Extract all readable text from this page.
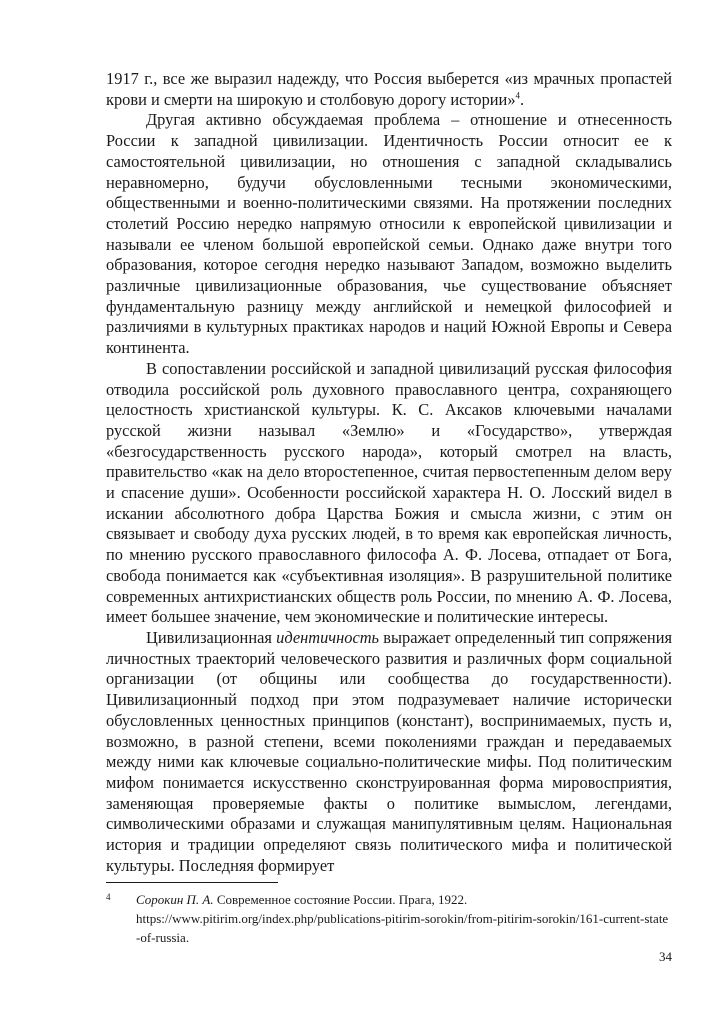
1917 г., все же выразил надежду, что Россия выберется «из мрачных пропастей крови и смерти на широкую и столбовую дорогу истории»$^4$.

Другая активно обсуждаемая проблема – отношение и отнесенность России к западной цивилизации. Идентичность России относит ее к самостоятельной цивилизации, но отношения с западной складывались неравномерно, будучи обусловленными тесными экономическими, общественными и военно-политическими связями. На протяжении последних столетий Россию нередко напрямую относили к европейской цивилизации и называли ее членом большой европейской семьи. Однако даже внутри того образования, которое сегодня нередко называют Западом, возможно выделить различные цивилизационные образования, чье существование объясняет фундаментальную разницу между английской и немецкой философией и различиями в культурных практиках народов и наций Южной Европы и Севера континента.

В сопоставлении российской и западной цивилизаций русская философия отводила российской роль духовного православного центра, сохраняющего целостность христианской культуры. К. С. Аксаков ключевыми началами русской жизни называл «Землю» и «Государство», утверждая «безгосударственность русского народа», который смотрел на власть, правительство «как на дело второстепенное, считая первостепенным делом веру и спасение души». Особенности российской характера Н. О. Лосский видел в искании абсолютного добра Царства Божия и смысла жизни, с этим он связывает и свободу духа русских людей, в то время как европейская личность, по мнению русского православного философа А. Ф. Лосева, отпадает от Бога, свобода понимается как «субъективная изоляция». В разрушительной политике современных антихристианских обществ роль России, по мнению А. Ф. Лосева, имеет большее значение, чем экономические и политические интересы.

Цивилизационная идентичность выражает определенный тип сопряжения личностных траекторий человеческого развития и различных форм социальной организации (от общины или сообщества до государственности). Цивилизационный подход при этом подразумевает наличие исторически обусловленных ценностных принципов (констант), воспринимаемых, пусть и, возможно, в разной степени, всеми поколениями граждан и передаваемых между ними как ключевые социально-политические мифы. Под политическим мифом понимается искусственно сконструированная форма мировосприятия, заменяющая проверяемые факты о политике вымыслом, легендами, символическими образами и служащая манипулятивным целям. Национальная история и традиции определяют связь политического мифа и политической культуры. Последняя формирует

4 Сорокин П. А. Современное состояние России. Прага, 1922.
https://www.pitirim.org/index.php/publications-pitirim-sorokin/from-pitirim-sorokin/161-current-state-of-russia.
34
